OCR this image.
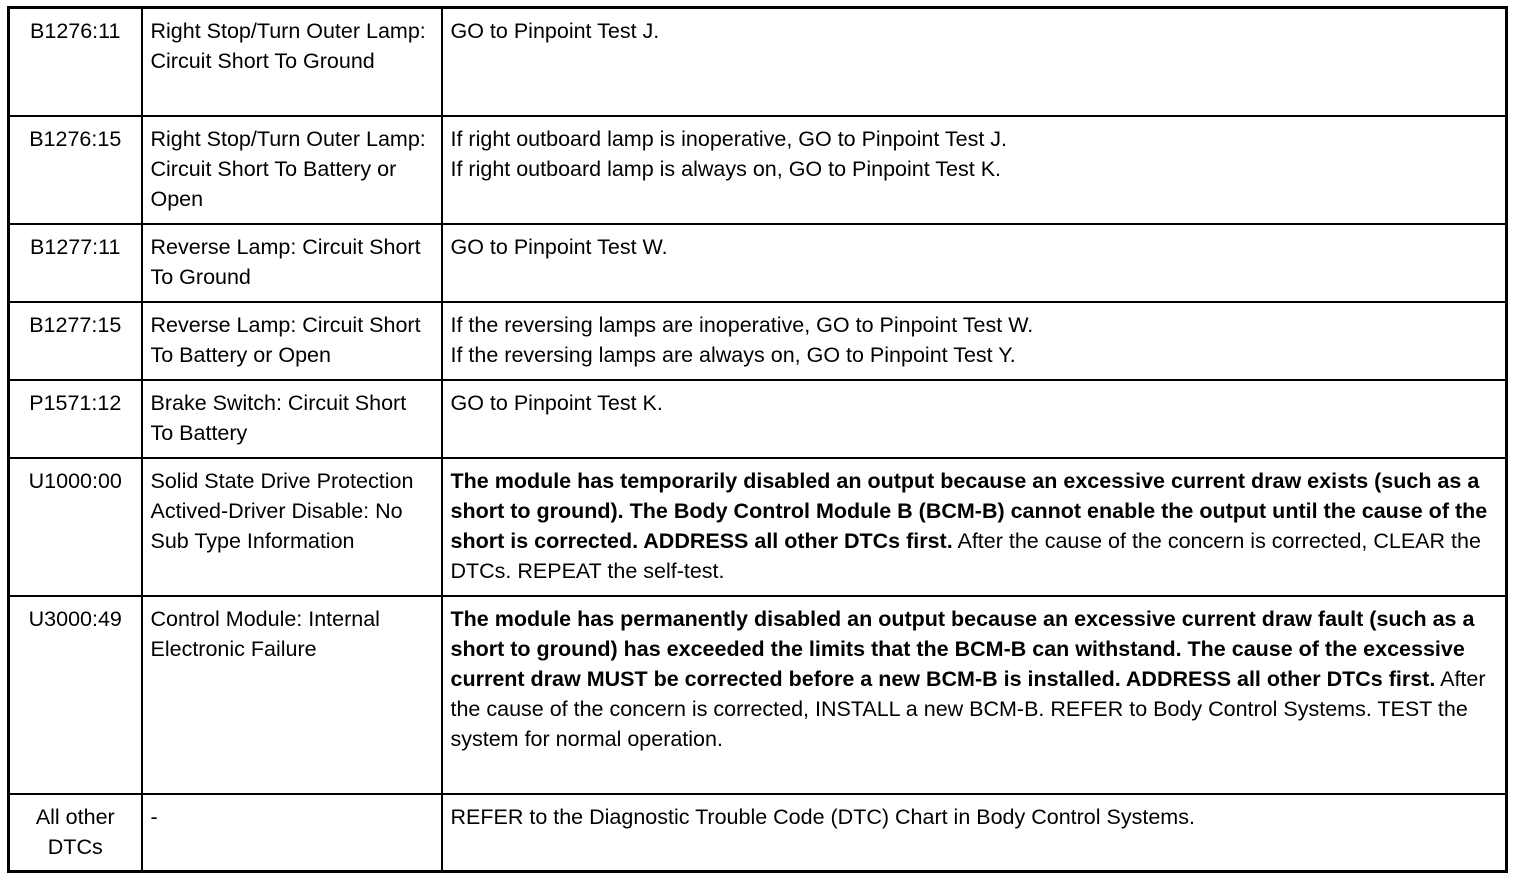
B1276:11	Right Stop/Turn Outer Lamp: Circuit Short To Ground	GO to Pinpoint Test J.

B1276:15	Right Stop/Turn Outer Lamp: Circuit Short To Battery or Open	If right outboard lamp is inoperative, GO to Pinpoint Test J.
If right outboard lamp is always on, GO to Pinpoint Test K.

B1277:11	Reverse Lamp: Circuit Short To Ground	GO to Pinpoint Test W.

B1277:15	Reverse Lamp: Circuit Short To Battery or Open	If the reversing lamps are inoperative, GO to Pinpoint Test W.
If the reversing lamps are always on, GO to Pinpoint Test Y.

P1571:12	Brake Switch: Circuit Short To Battery	GO to Pinpoint Test K.

U1000:00	Solid State Drive Protection Actived-Driver Disable: No Sub Type Information	The module has temporarily disabled an output because an excessive current draw exists (such as a short to ground). The Body Control Module B (BCM-B) cannot enable the output until the cause of the short is corrected. ADDRESS all other DTCs first. After the cause of the concern is corrected, CLEAR the DTCs. REPEAT the self-test.

U3000:49	Control Module: Internal Electronic Failure	The module has permanently disabled an output because an excessive current draw fault (such as a short to ground) has exceeded the limits that the BCM-B can withstand. The cause of the excessive current draw MUST be corrected before a new BCM-B is installed. ADDRESS all other DTCs first. After the cause of the concern is corrected, INSTALL a new BCM-B. REFER to Body Control Systems. TEST the system for normal operation.

All other DTCs	-	REFER to the Diagnostic Trouble Code (DTC) Chart in Body Control Systems.
